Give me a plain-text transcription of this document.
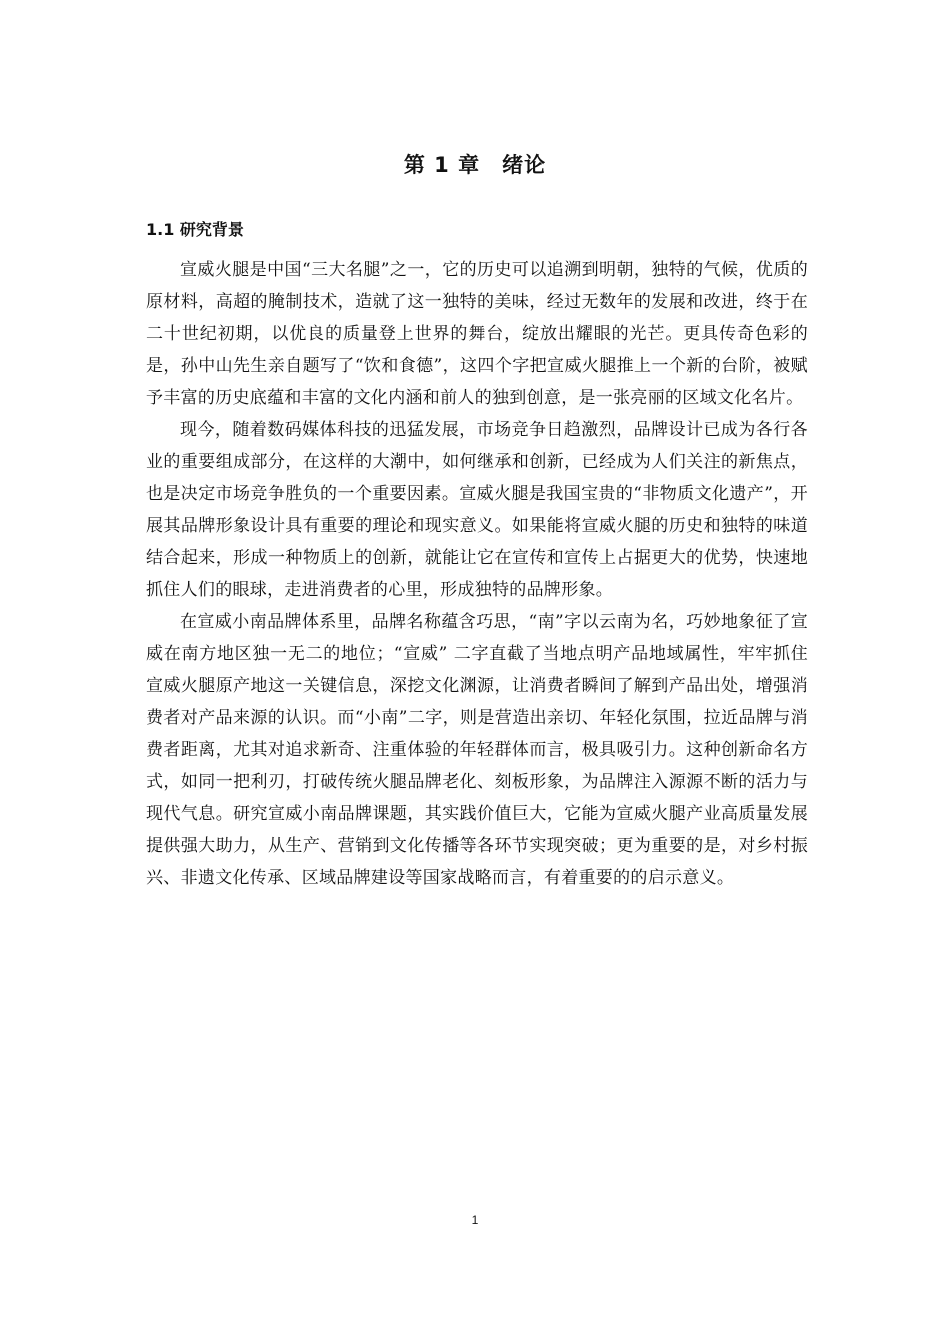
第 1 章 绪论
1.1 研究背景

宣威火腿是中国“三大名腿”之一，它的历史可以追溯到明朝，独特的气候，优质的原材料，高超的腌制技术，造就了这一独特的美味，经过无数年的发展和改进，终于在二十世纪初期，以优良的质量登上世界的舞台，绽放出耀眼的光芒。更具传奇色彩的是，孙中山先生亲自题写了“饮和食德”，这四个字把宣威火腿推上一个新的台阶，被赋予丰富的历史底蕴和丰富的文化内涵和前人的独到创意，是一张亮丽的区域文化名片。

现今，随着数码媒体科技的迅猛发展，市场竞争日趋激烈，品牌设计已成为各行各业的重要组成部分，在这样的大潮中，如何继承和创新，已经成为人们关注的新焦点，也是决定市场竞争胜负的一个重要因素。宣威火腿是我国宝贵的“非物质文化遗产”，开展其品牌形象设计具有重要的理论和现实意义。如果能将宣威火腿的历史和独特的味道结合起来，形成一种物质上的创新，就能让它在宣传和宣传上占据更大的优势，快速地抓住人们的眼球，走进消费者的心里，形成独特的品牌形象。

在宣威小南品牌体系里，品牌名称蕴含巧思，“南”字以云南为名，巧妙地象征了宣威在南方地区独一无二的地位；“宣威” 二字直截了当地点明产品地域属性，牢牢抓住宣威火腿原产地这一关键信息，深挖文化渊源，让消费者瞬间了解到产品出处，增强消费者对产品来源的认识。而“小南”二字，则是营造出亲切、年轻化氛围，拉近品牌与消费者距离，尤其对追求新奇、注重体验的年轻群体而言，极具吸引力。这种创新命名方式，如同一把利刃，打破传统火腿品牌老化、刻板形象，为品牌注入源源不断的活力与现代气息。研究宣威小南品牌课题，其实践价值巨大，它能为宣威火腿产业高质量发展提供强大助力，从生产、营销到文化传播等各环节实现突破；更为重要的是，对乡村振兴、非遗文化传承、区域品牌建设等国家战略而言，有着重要的的启示意义。

1
